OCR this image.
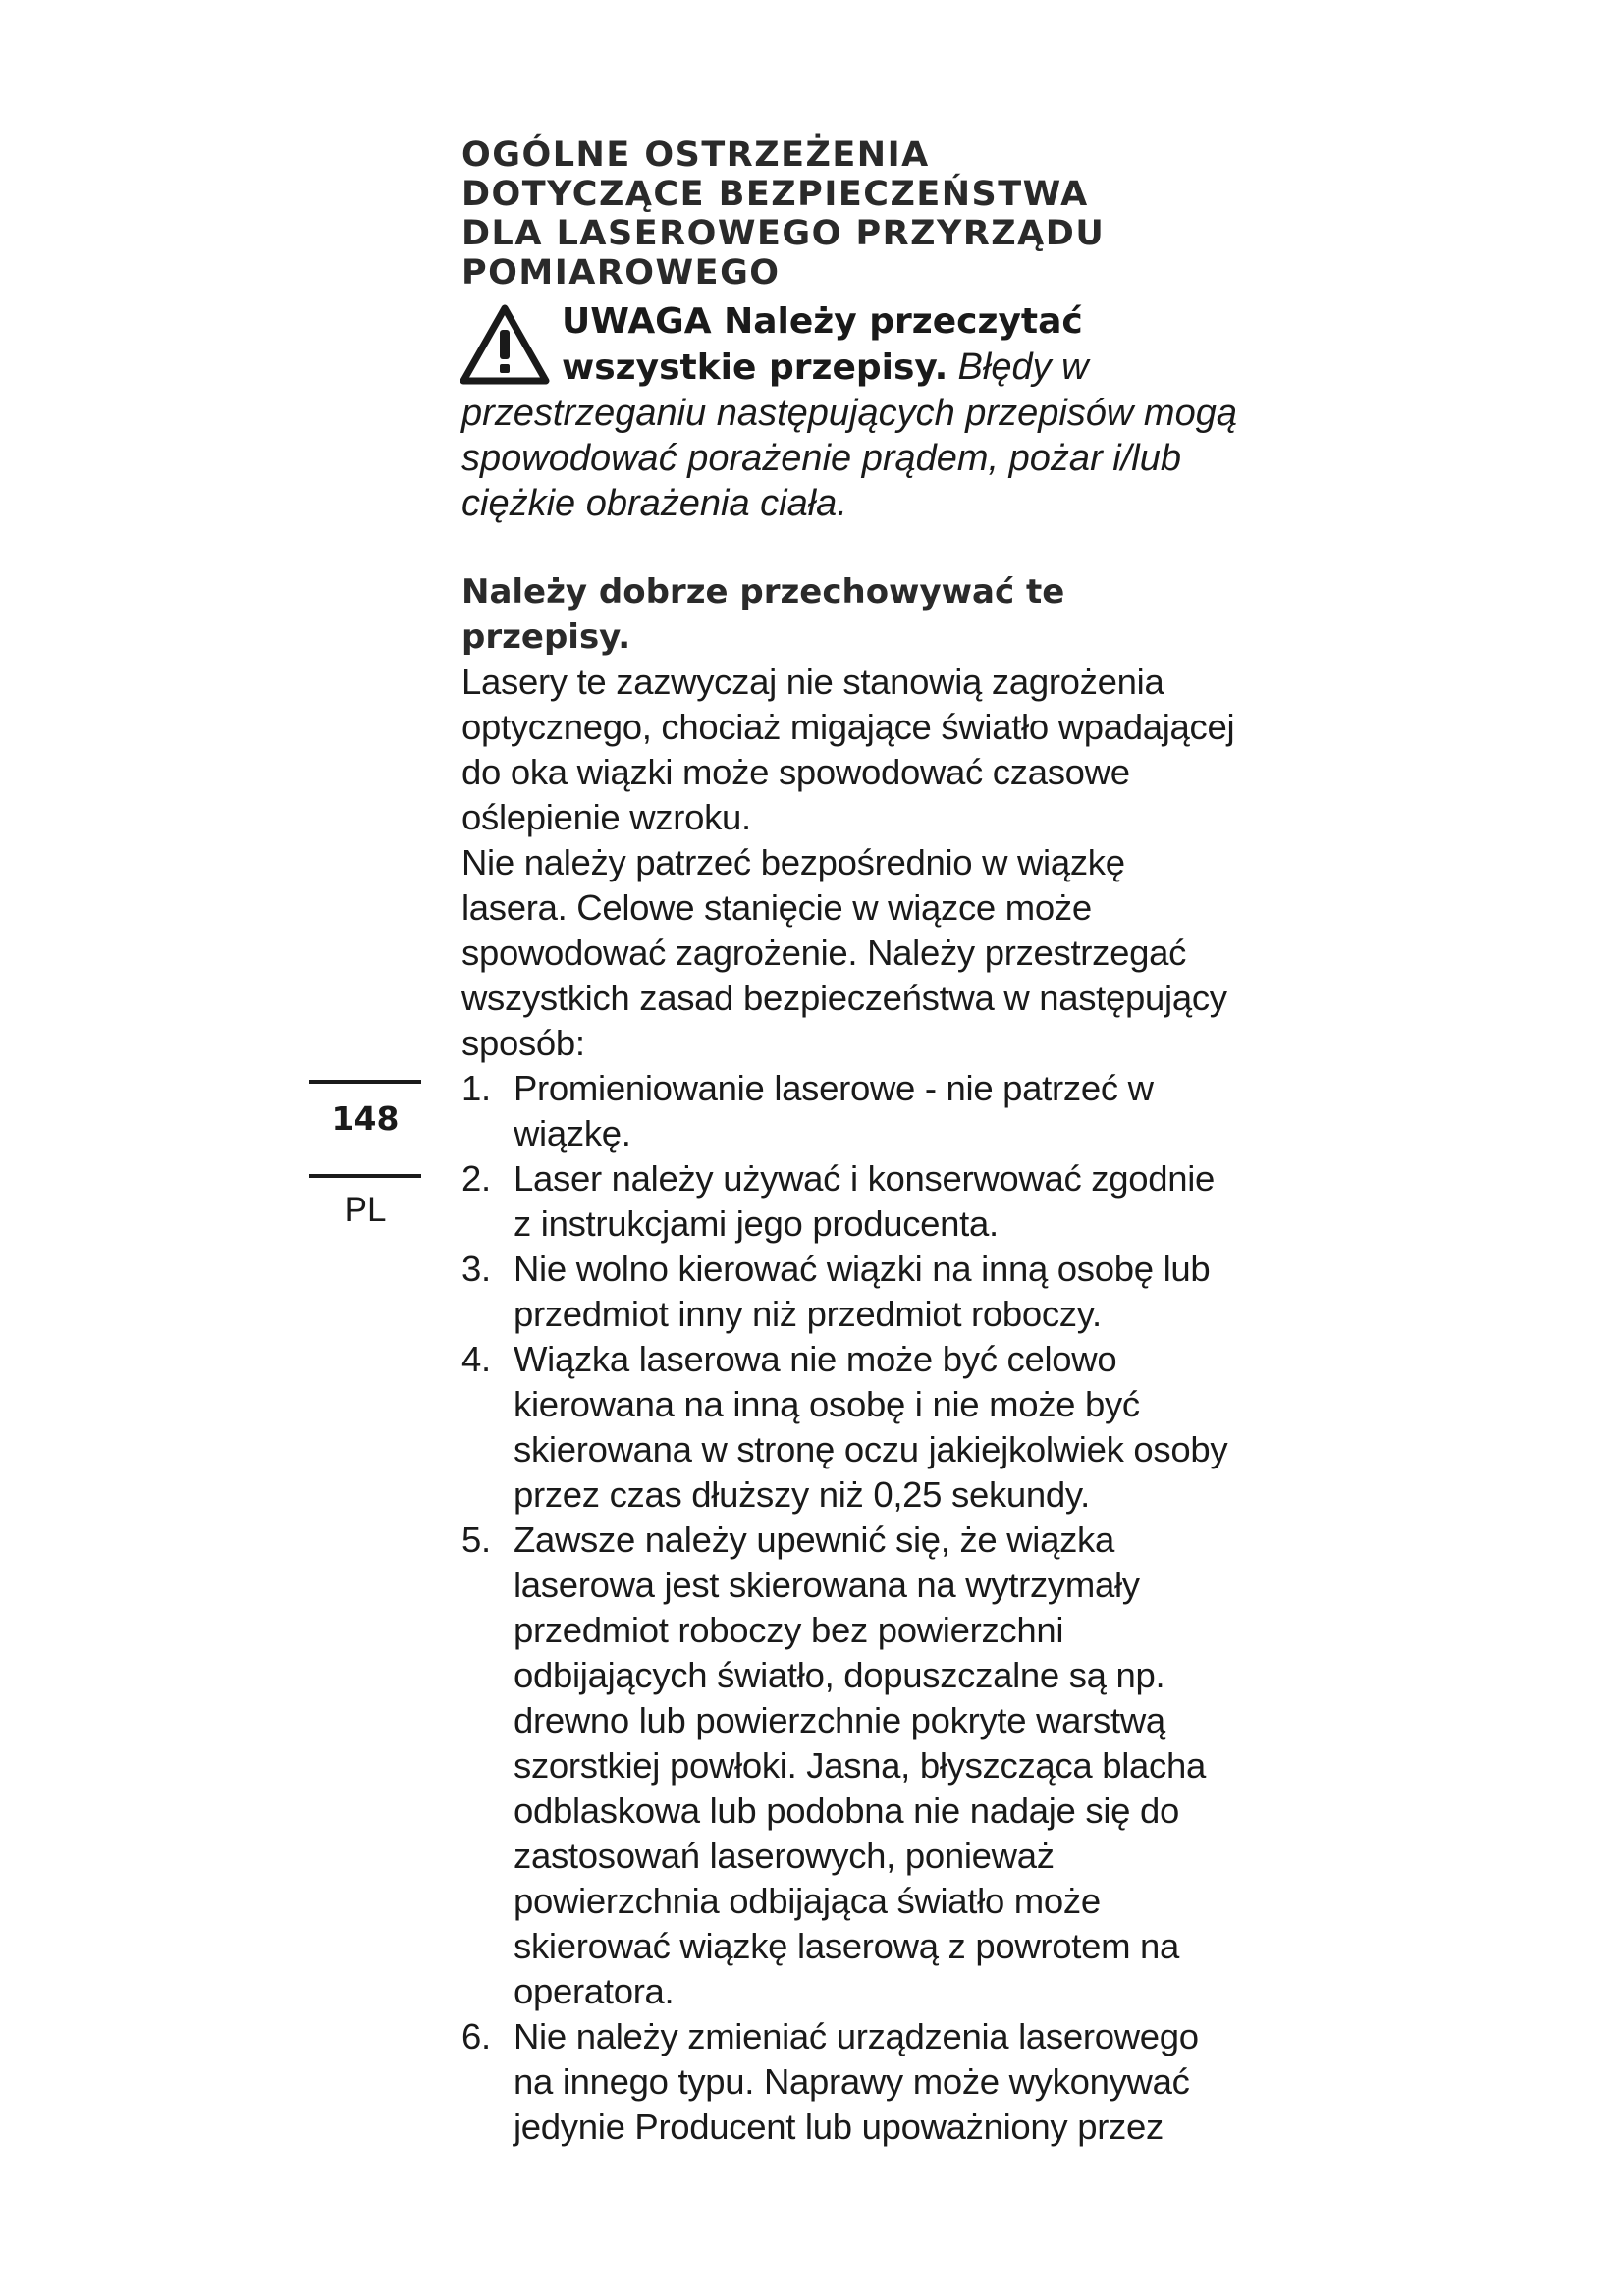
148
PL
OGÓLNE OSTRZEŻENIA
DOTYCZĄCE BEZPIECZEŃSTWA
DLA LASEROWEGO PRZYRZĄDU
POMIAROWEGO
UWAGA Należy przeczytać wszystkie przepisy. Błędy w przestrzeganiu następujących przepisów mogą spowodować porażenie prądem, pożar i/lub ciężkie obrażenia ciała.
Należy dobrze przechowywać te przepisy.

Lasery te zazwyczaj nie stanowią zagrożenia optycznego, chociaż migające światło wpadającej do oka wiązki może spowodować czasowe oślepienie wzroku.

Nie należy patrzeć bezpośrednio w wiązkę lasera. Celowe stanięcie w wiązce może spowodować zagrożenie. Należy przestrzegać wszystkich zasad bezpieczeństwa w następujący sposób:

1. Promieniowanie laserowe - nie patrzeć w wiązkę.
2. Laser należy używać i konserwować zgodnie z instrukcjami jego producenta.
3. Nie wolno kierować wiązki na inną osobę lub przedmiot inny niż przedmiot roboczy.
4. Wiązka laserowa nie może być celowo kierowana na inną osobę i nie może być skierowana w stronę oczu jakiejkolwiek osoby przez czas dłuższy niż 0,25 sekundy.
5. Zawsze należy upewnić się, że wiązka laserowa jest skierowana na wytrzymały przedmiot roboczy bez powierzchni odbijających światło, dopuszczalne są np. drewno lub powierzchnie pokryte warstwą szorstkiej powłoki. Jasna, błyszcząca blacha odblaskowa lub podobna nie nadaje się do zastosowań laserowych, ponieważ powierzchnia odbijająca światło może skierować wiązkę laserową z powrotem na operatora.
6. Nie należy zmieniać urządzenia laserowego na innego typu. Naprawy może wykonywać jedynie Producent lub upoważniony przez
